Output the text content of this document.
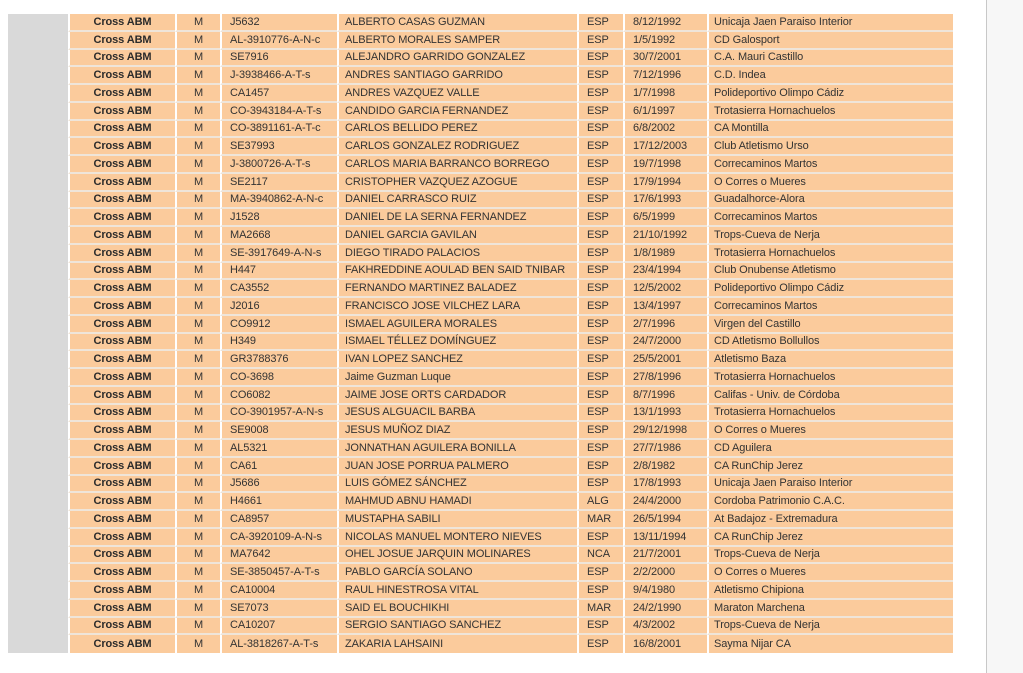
Cross ABM	M	J5632	ALBERTO CASAS GUZMAN	ESP	8/12/1992	Unicaja Jaen Paraiso Interior
Cross ABM	M	AL-3910776-A-N-c	ALBERTO MORALES SAMPER	ESP	1/5/1992	CD Galosport
Cross ABM	M	SE7916	ALEJANDRO GARRIDO GONZALEZ	ESP	30/7/2001	C.A. Mauri Castillo
Cross ABM	M	J-3938466-A-T-s	ANDRES SANTIAGO GARRIDO	ESP	7/12/1996	C.D. Indea
Cross ABM	M	CA1457	ANDRES VAZQUEZ VALLE	ESP	1/7/1998	Polideportivo Olimpo Cádiz
Cross ABM	M	CO-3943184-A-T-s	CANDIDO GARCIA FERNANDEZ	ESP	6/1/1997	Trotasierra Hornachuelos
Cross ABM	M	CO-3891161-A-T-c	CARLOS BELLIDO PEREZ	ESP	6/8/2002	CA Montilla
Cross ABM	M	SE37993	CARLOS GONZALEZ RODRIGUEZ	ESP	17/12/2003	Club Atletismo Urso
Cross ABM	M	J-3800726-A-T-s	CARLOS MARIA BARRANCO BORREGO	ESP	19/7/1998	Correcaminos Martos
Cross ABM	M	SE2117	CRISTOPHER VAZQUEZ AZOGUE	ESP	17/9/1994	O Corres o Mueres
Cross ABM	M	MA-3940862-A-N-c	DANIEL CARRASCO RUIZ	ESP	17/6/1993	Guadalhorce-Alora
Cross ABM	M	J1528	DANIEL DE LA SERNA FERNANDEZ	ESP	6/5/1999	Correcaminos Martos
Cross ABM	M	MA2668	DANIEL GARCIA GAVILAN	ESP	21/10/1992	Trops-Cueva de Nerja
Cross ABM	M	SE-3917649-A-N-s	DIEGO TIRADO PALACIOS	ESP	1/8/1989	Trotasierra Hornachuelos
Cross ABM	M	H447	FAKHREDDINE AOULAD BEN SAID TNIBAR	ESP	23/4/1994	Club Onubense Atletismo
Cross ABM	M	CA3552	FERNANDO MARTINEZ BALADEZ	ESP	12/5/2002	Polideportivo Olimpo Cádiz
Cross ABM	M	J2016	FRANCISCO JOSE VILCHEZ LARA	ESP	13/4/1997	Correcaminos Martos
Cross ABM	M	CO9912	ISMAEL AGUILERA MORALES	ESP	2/7/1996	Virgen del Castillo
Cross ABM	M	H349	ISMAEL TÉLLEZ DOMÍNGUEZ	ESP	24/7/2000	CD Atletismo Bollullos
Cross ABM	M	GR3788376	IVAN LOPEZ SANCHEZ	ESP	25/5/2001	Atletismo Baza
Cross ABM	M	CO-3698	Jaime Guzman Luque	ESP	27/8/1996	Trotasierra Hornachuelos
Cross ABM	M	CO6082	JAIME JOSE ORTS CARDADOR	ESP	8/7/1996	Califas - Univ. de Córdoba
Cross ABM	M	CO-3901957-A-N-s	JESUS ALGUACIL BARBA	ESP	13/1/1993	Trotasierra Hornachuelos
Cross ABM	M	SE9008	JESUS MUÑOZ DIAZ	ESP	29/12/1998	O Corres o Mueres
Cross ABM	M	AL5321	JONNATHAN AGUILERA BONILLA	ESP	27/7/1986	CD Aguilera
Cross ABM	M	CA61	JUAN JOSE PORRUA PALMERO	ESP	2/8/1982	CA RunChip Jerez
Cross ABM	M	J5686	LUIS GÓMEZ SÁNCHEZ	ESP	17/8/1993	Unicaja Jaen Paraiso Interior
Cross ABM	M	H4661	MAHMUD ABNU HAMADI	ALG	24/4/2000	Cordoba Patrimonio C.A.C.
Cross ABM	M	CA8957	MUSTAPHA SABILI	MAR	26/5/1994	At Badajoz - Extremadura
Cross ABM	M	CA-3920109-A-N-s	NICOLAS MANUEL MONTERO NIEVES	ESP	13/11/1994	CA RunChip Jerez
Cross ABM	M	MA7642	OHEL JOSUE JARQUIN MOLINARES	NCA	21/7/2001	Trops-Cueva de Nerja
Cross ABM	M	SE-3850457-A-T-s	PABLO GARCÍA SOLANO	ESP	2/2/2000	O Corres o Mueres
Cross ABM	M	CA10004	RAUL HINESTROSA VITAL	ESP	9/4/1980	Atletismo Chipiona
Cross ABM	M	SE7073	SAID EL BOUCHIKHI	MAR	24/2/1990	Maraton Marchena
Cross ABM	M	CA10207	SERGIO SANTIAGO SANCHEZ	ESP	4/3/2002	Trops-Cueva de Nerja
Cross ABM	M	AL-3818267-A-T-s	ZAKARIA LAHSAINI	ESP	16/8/2001	Sayma Nijar CA
